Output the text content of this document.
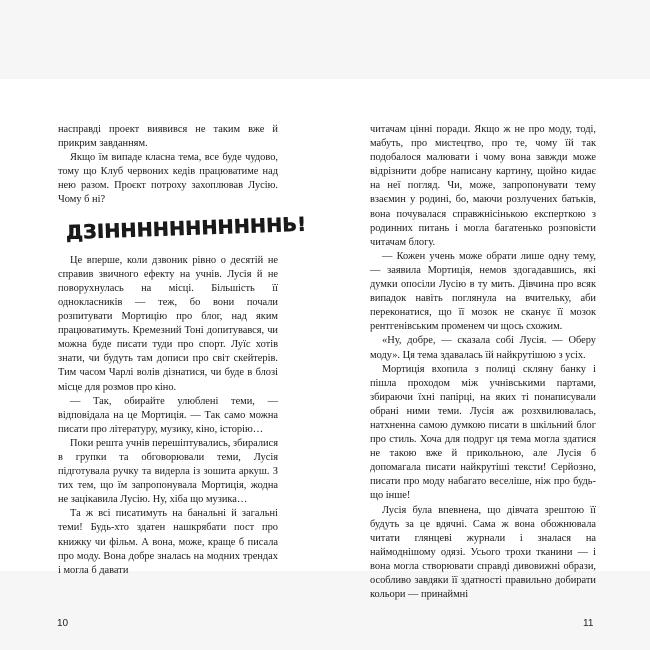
насправді проект виявився не таким вже й прикрим завданням.

Якщо їм випаде класна тема, все буде чудово, тому що Клуб червоних кедів працюватиме над нею разом. Проєкт потроху захоплював Лусію. Чому б ні?

ДЗІНННННННННННЬ!

Це вперше, коли дзвоник рівно о десятій не справив звичного ефекту на учнів. Лусія й не поворухнулась на місці. Більшість її однокласників — теж, бо вони почали розпитувати Мортицію про блог, над яким працюватимуть. Кремезний Тоні допитувався, чи можна буде писати туди про спорт. Луїс хотів знати, чи будуть там дописи про світ скейтерів. Тим часом Чарлі волів дізнатися, чи буде в блозі місце для розмов про кіно.

— Так, обирайте улюблені теми, — відповідала на це Мортиція. — Так само можна писати про літературу, музику, кіно, історію…

Поки решта учнів перешіптувались, збиралися в групки та обговорювали теми, Лусія підготувала ручку та видерла із зошита аркуш. З тих тем, що їм запропонувала Мортиція, жодна не зацікавила Лусію. Ну, хіба що музика…

Та ж всі писатимуть на банальні й загальні теми! Будь-хто здатен нашкрябати пост про книжку чи фільм. А вона, може, краще б писала про моду. Вона добре зналась на модних трендах і могла б давати

10	11

читачам цінні поради. Якщо ж не про моду, тоді, мабуть, про мистецтво, про те, чому їй так подобалося малювати і чому вона завжди може відрізнити добре написану картину, щойно кидає на неї погляд. Чи, може, запропонувати тему взаємин у родині, бо, маючи розлучених батьків, вона почувалася справжнісінькою експерткою з родинних питань і могла багатенько розповісти читачам блогу.

— Кожен учень може обрати лише одну тему, — заявила Мортиція, немов здогадавшись, які думки опосіли Лусію в ту мить. Дівчина про всяк випадок навіть поглянула на вчительку, аби переконатися, що її мозок не сканує її мозок рентгенівським променем чи щось схожим.

«Ну, добре, — сказала собі Лусія. — Оберу моду». Ця тема здавалась їй найкрутішою з усіх.

Мортиція вхопила з полиці скляну банку і пішла проходом між учнівськими партами, збираючи їхні папірці, на яких ті понаписували обрані ними теми. Лусія аж розхвилювалась, натхненна самою думкою писати в шкільний блог про стиль. Хоча для подруг ця тема могла здатися не такою вже й прикольною, але Лусія б допомагала писати найкрутіші тексти! Серйозно, писати про моду набагато веселіше, ніж про будь-що інше!

Лусія була впевнена, що дівчата зрештою її будуть за це вдячні. Сама ж вона обожнювала читати глянцеві журнали і зналася на наймоднішому одязі. Усього трохи тканини — і вона могла створювати справді дивовижні образи, особливо завдяки її здатності правильно добирати кольори — принаймні
